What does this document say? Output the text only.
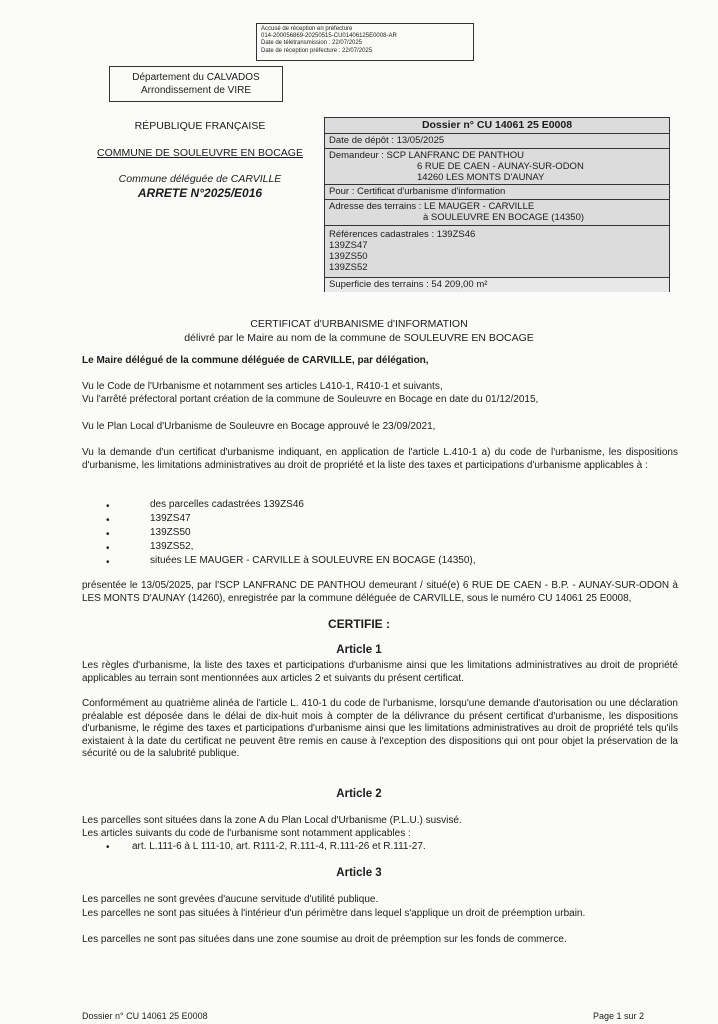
Accusé de réception en préfecture
014-200056869-20250515-CU01406125E0008-AR
Date de télétransmission : 22/07/2025
Date de réception préfecture : 22/07/2025
Département du CALVADOS
Arrondissement de VIRE
RÉPUBLIQUE FRANÇAISE
COMMUNE DE SOULEUVRE EN BOCAGE
Commune déléguée de CARVILLE
ARRETE N°2025/E016
Dossier n° CU 14061 25 E0008
Date de dépôt : 13/05/2025
Demandeur : SCP LANFRANC DE PANTHOU
6 RUE DE CAEN - AUNAY-SUR-ODON
14260 LES MONTS D'AUNAY
Pour : Certificat d'urbanisme d'information
Adresse des terrains : LE MAUGER - CARVILLE
à SOULEUVRE EN BOCAGE (14350)
Références cadastrales : 139ZS46
139ZS47
139ZS50
139ZS52
Superficie des terrains : 54 209,00 m²
CERTIFICAT d'URBANISME d'INFORMATION
délivré par le Maire au nom de la commune de SOULEUVRE EN BOCAGE
Le Maire délégué de la commune déléguée de CARVILLE, par délégation,
Vu le Code de l'Urbanisme et notamment ses articles L410-1, R410-1 et suivants,
Vu l'arrêté préfectoral portant création de la commune de Souleuvre en Bocage en date du 01/12/2015,
Vu le Plan Local d'Urbanisme de Souleuvre en Bocage approuvé le 23/09/2021,
Vu la demande d'un certificat d'urbanisme indiquant, en application de l'article L.410-1 a) du code de l'urbanisme, les dispositions d'urbanisme, les limitations administratives au droit de propriété et la liste des taxes et participations d'urbanisme applicables à :
•	des parcelles cadastrées 139ZS46
•	139ZS47
•	139ZS50
•	139ZS52,
•	situées LE MAUGER - CARVILLE à SOULEUVRE EN BOCAGE (14350),
présentée le 13/05/2025, par l'SCP LANFRANC DE PANTHOU demeurant / situé(e) 6 RUE DE CAEN - B.P. - AUNAY-SUR-ODON à LES MONTS D'AUNAY (14260), enregistrée par la commune déléguée de CARVILLE, sous le numéro CU 14061 25 E0008,
CERTIFIE :
Article 1
Les règles d'urbanisme, la liste des taxes et participations d'urbanisme ainsi que les limitations administratives au droit de propriété applicables au terrain sont mentionnées aux articles 2 et suivants du présent certificat.
Conformément au quatrième alinéa de l'article L. 410-1 du code de l'urbanisme, lorsqu'une demande d'autorisation ou une déclaration préalable est déposée dans le délai de dix-huit mois à compter de la délivrance du présent certificat d'urbanisme, les dispositions d'urbanisme, le régime des taxes et participations d'urbanisme ainsi que les limitations administratives au droit de propriété tels qu'ils existaient à la date du certificat ne peuvent être remis en cause à l'exception des dispositions qui ont pour objet la préservation de la sécurité ou de la salubrité publique.
Article 2
Les parcelles sont situées dans la zone A du Plan Local d'Urbanisme (P.L.U.) susvisé.
Les articles suivants du code de l'urbanisme sont notamment applicables :
• art. L.111-6 à L 111-10, art. R111-2, R.111-4, R.111-26 et R.111-27.
Article 3
Les parcelles ne sont grevées d'aucune servitude d'utilité publique.
Les parcelles ne sont pas situées à l'intérieur d'un périmètre dans lequel s'applique un droit de préemption urbain.
Les parcelles ne sont pas situées dans une zone soumise au droit de préemption sur les fonds de commerce.
Dossier n° CU 14061 25 E0008	Page 1 sur 2
